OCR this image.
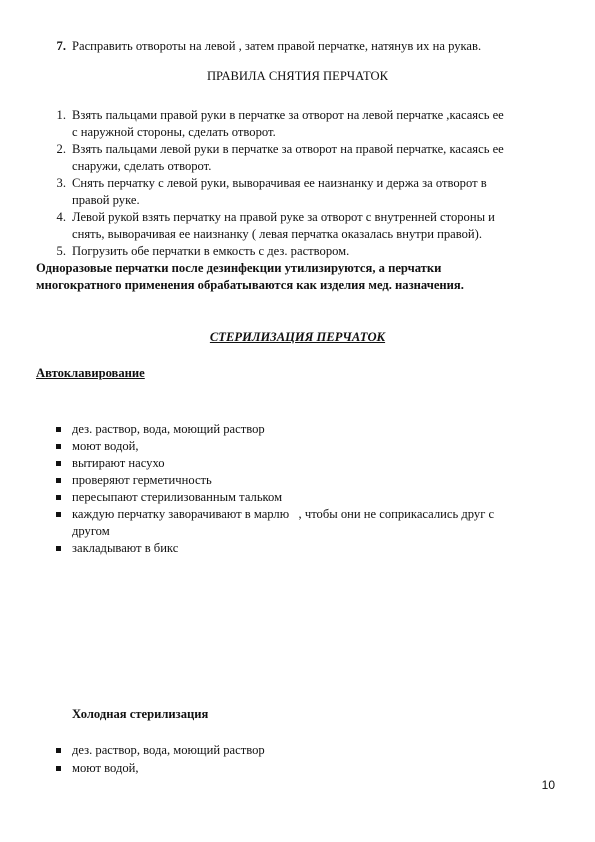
7. Расправить отвороты на левой , затем правой перчатке, натянув их на рукав.
ПРАВИЛА СНЯТИЯ ПЕРЧАТОК
1. Взять пальцами правой руки в перчатке за отворот на левой перчатке ,касаясь ее
с наружной стороны, сделать отворот.
2. Взять пальцами левой руки в перчатке за отворот на правой перчатке, касаясь ее
снаружи, сделать отворот.
3. Снять перчатку с левой руки, выворачивая ее наизнанку и держа за отворот в
правой руке.
4. Левой рукой взять перчатку на правой руке за отворот с внутренней стороны и
снять, выворачивая ее наизнанку ( левая перчатка оказалась внутри правой).
5. Погрузить обе перчатки в емкость с дез. раствором.
Одноразовые перчатки после дезинфекции утилизируются, а перчатки
многократного применения обрабатываются как изделия мед. назначения.
СТЕРИЛИЗАЦИЯ ПЕРЧАТОК
Автоклавирование
дез. раствор, вода, моющий раствор
моют водой,
вытирают насухо
проверяют герметичность
пересыпают стерилизованным тальком
каждую перчатку заворачивают в марлю   , чтобы они не соприкасались друг с
другом
закладывают в бикс
Холодная стерилизация
дез. раствор, вода, моющий раствор
моют водой,
10
